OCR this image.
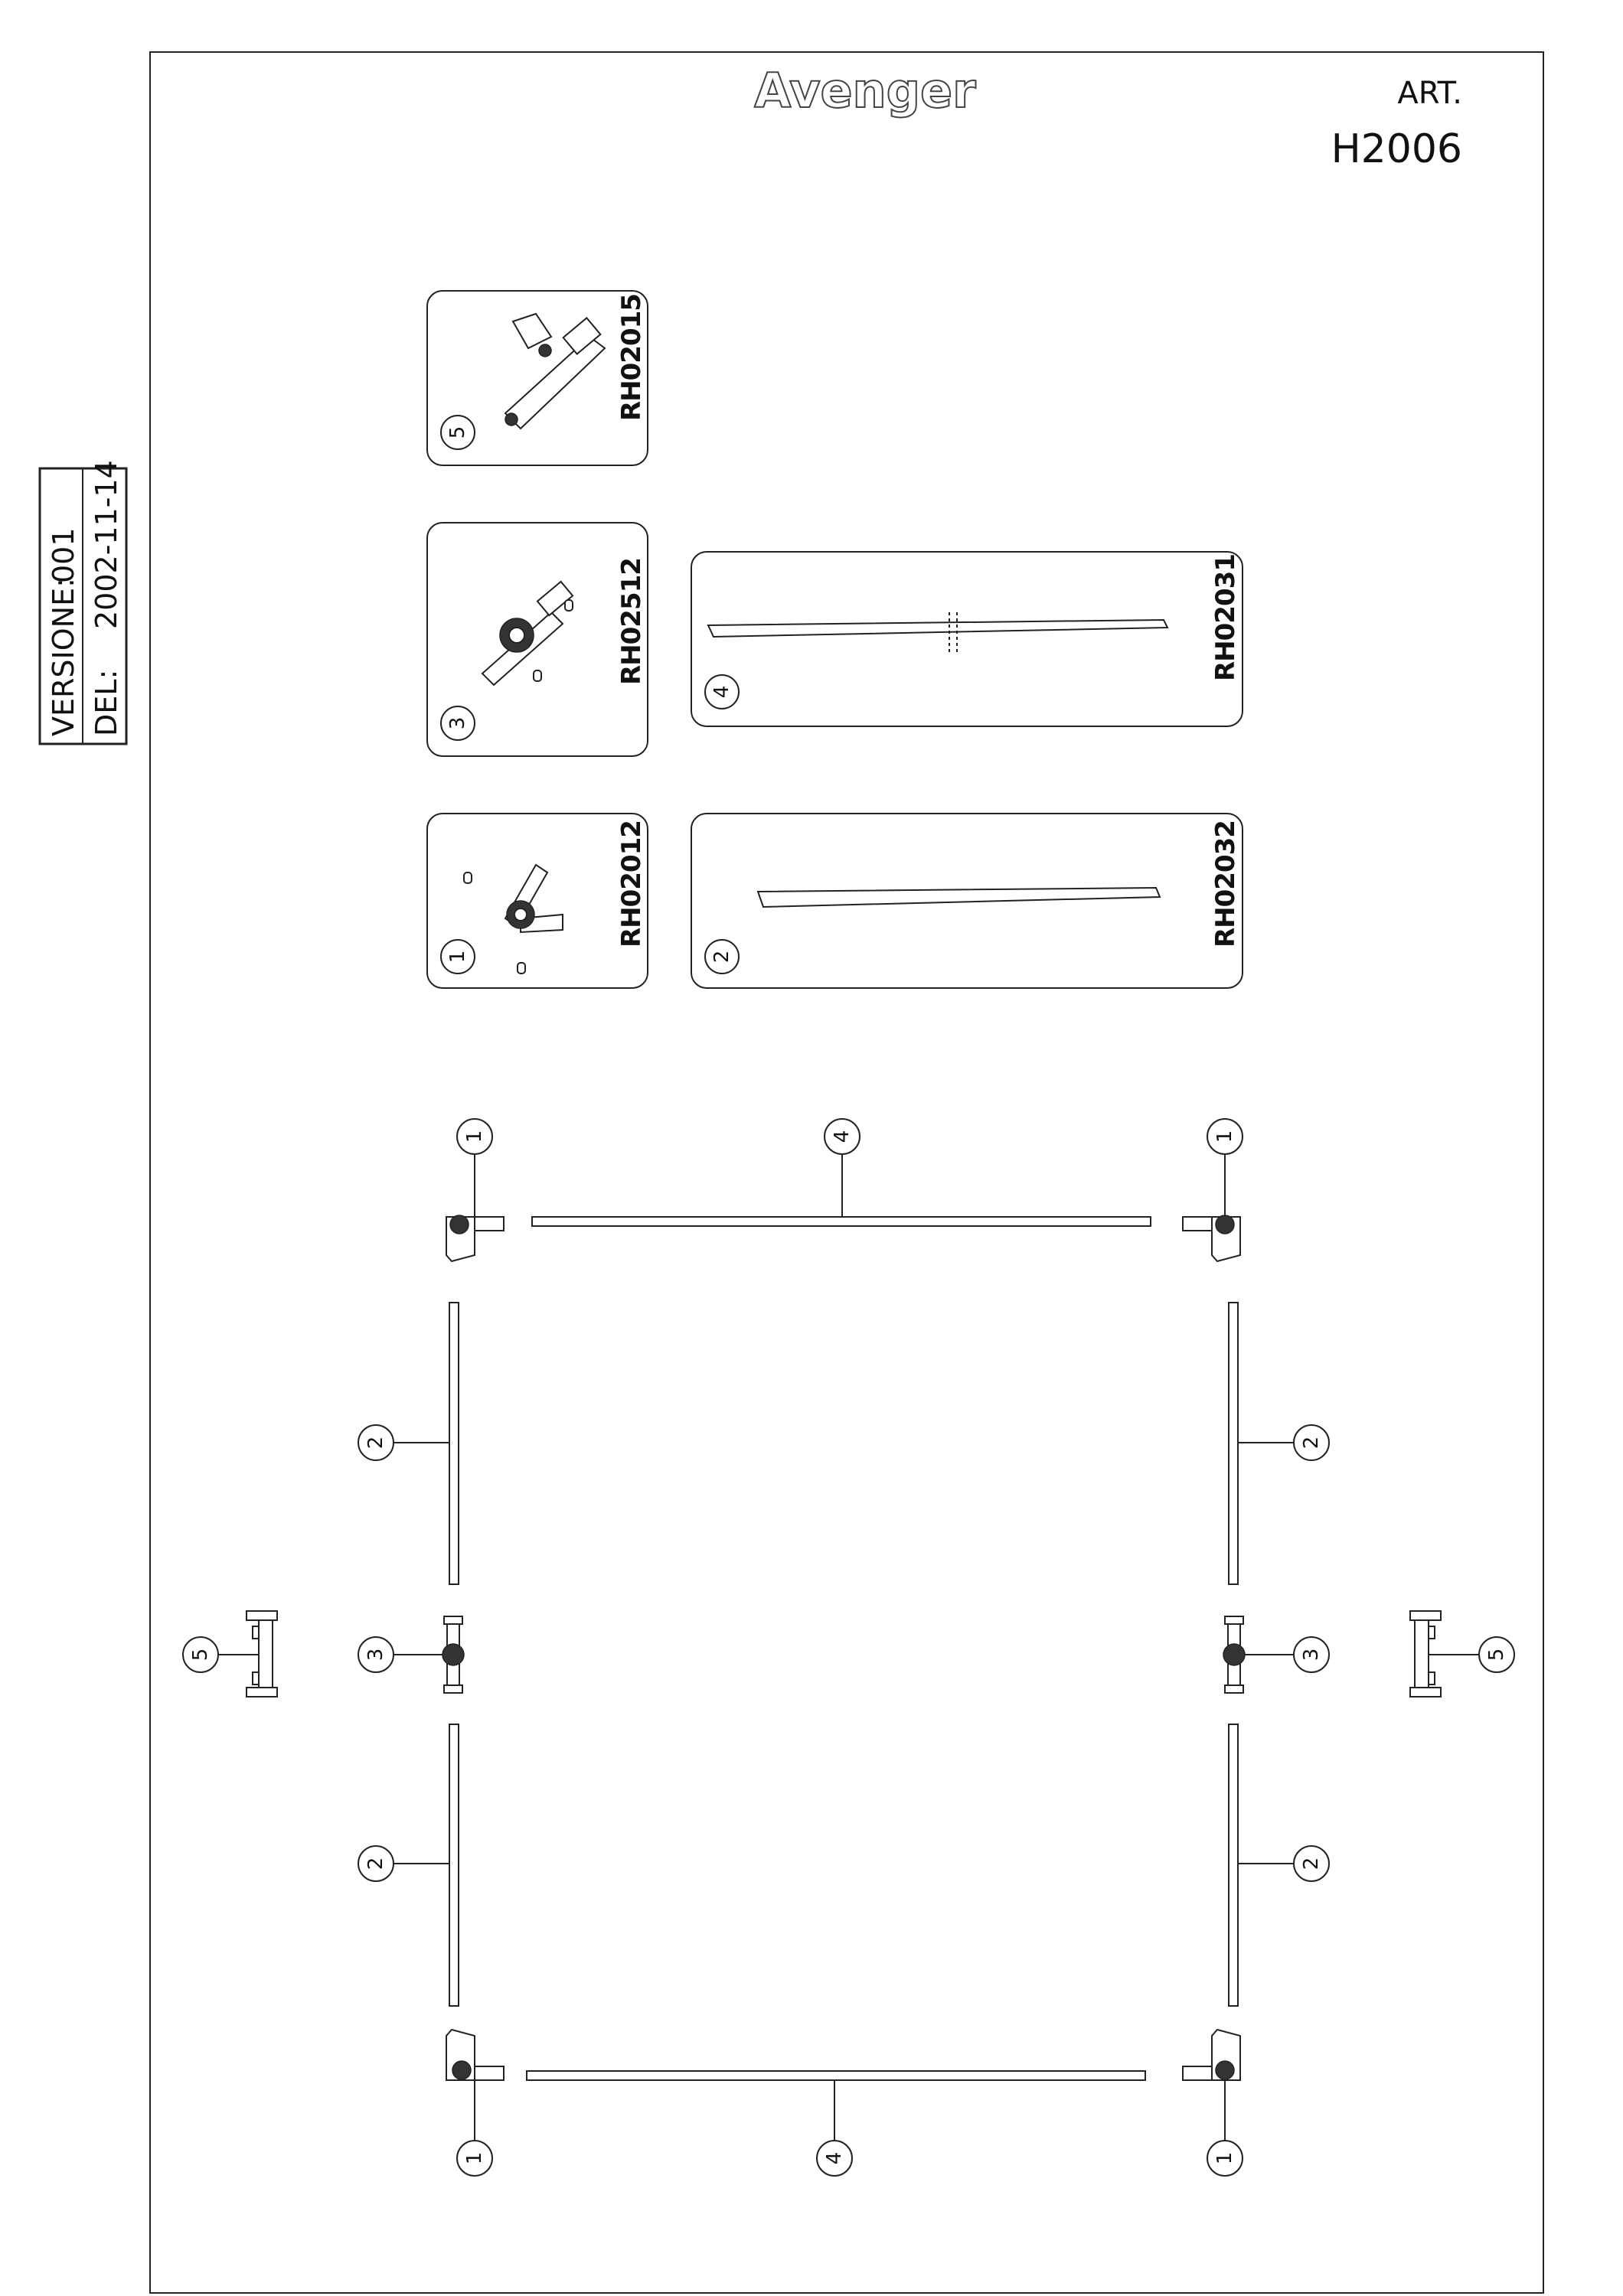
Avenger	ART.
H2006
VERSIONE:
001
DEL:
2002-11-14
5
RH02015
3
RH02512
4
RH02031
1
RH02012
2
RH02032
4
4
2
2
2
2
1	1
1	1
3	3
5	5
